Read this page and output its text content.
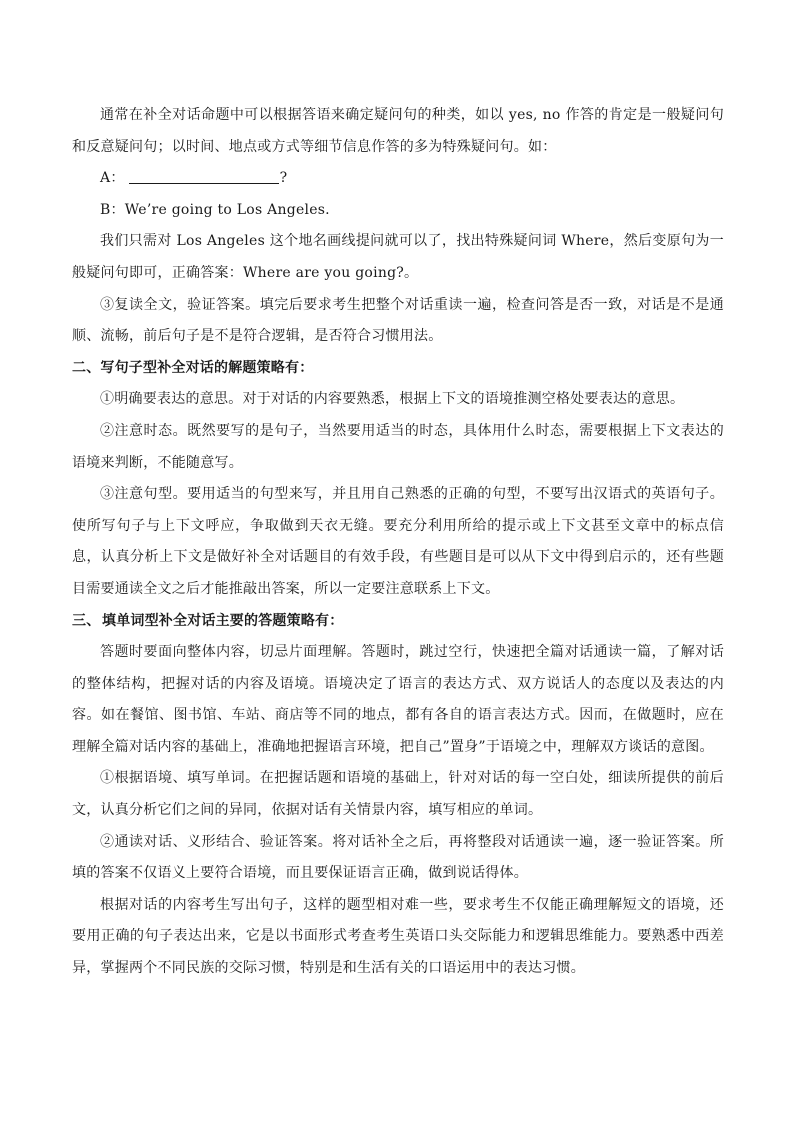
通常在补全对话命题中可以根据答语来确定疑问句的种类，如以 yes, no 作答的肯定是一般疑问句和反意疑问句；以时间、地点或方式等细节信息作答的多为特殊疑问句。如：

A：	?

B：We’re going to Los Angeles.

我们只需对 Los Angeles 这个地名画线提问就可以了，找出特殊疑问词 Where，然后变原句为一般疑问句即可，正确答案：Where are you going?。

③复读全文，验证答案。填完后要求考生把整个对话重读一遍，检查问答是否一致，对话是不是通顺、流畅，前后句子是不是符合逻辑，是否符合习惯用法。

二、写句子型补全对话的解题策略有：

①明确要表达的意思。对于对话的内容要熟悉，根据上下文的语境推测空格处要表达的意思。

②注意时态。既然要写的是句子，当然要用适当的时态，具体用什么时态，需要根据上下文表达的语境来判断，不能随意写。

③注意句型。要用适当的句型来写，并且用自己熟悉的正确的句型，不要写出汉语式的英语句子。使所写句子与上下文呼应，争取做到天衣无缝。要充分利用所给的提示或上下文甚至文章中的标点信息，认真分析上下文是做好补全对话题目的有效手段，有些题目是可以从下文中得到启示的，还有些题目需要通读全文之后才能推敲出答案，所以一定要注意联系上下文。

三、 填单词型补全对话主要的答题策略有：

答题时要面向整体内容，切忌片面理解。答题时，跳过空行，快速把全篇对话通读一篇，了解对话的整体结构，把握对话的内容及语境。语境决定了语言的表达方式、双方说话人的态度以及表达的内容。如在餐馆、图书馆、车站、商店等不同的地点，都有各自的语言表达方式。因而，在做题时，应在理解全篇对话内容的基础上，准确地把握语言环境，把自己”置身”于语境之中，理解双方谈话的意图。

①根据语境、填写单词。在把握话题和语境的基础上，针对对话的每一空白处，细读所提供的前后文，认真分析它们之间的异同，依据对话有关情景内容，填写相应的单词。

②通读对话、义形结合、验证答案。将对话补全之后，再将整段对话通读一遍，逐一验证答案。所填的答案不仅语义上要符合语境，而且要保证语言正确，做到说话得体。

根据对话的内容考生写出句子，这样的题型相对难一些，要求考生不仅能正确理解短文的语境，还要用正确的句子表达出来，它是以书面形式考查考生英语口头交际能力和逻辑思维能力。要熟悉中西差异，掌握两个不同民族的交际习惯，特别是和生活有关的口语运用中的表达习惯。
